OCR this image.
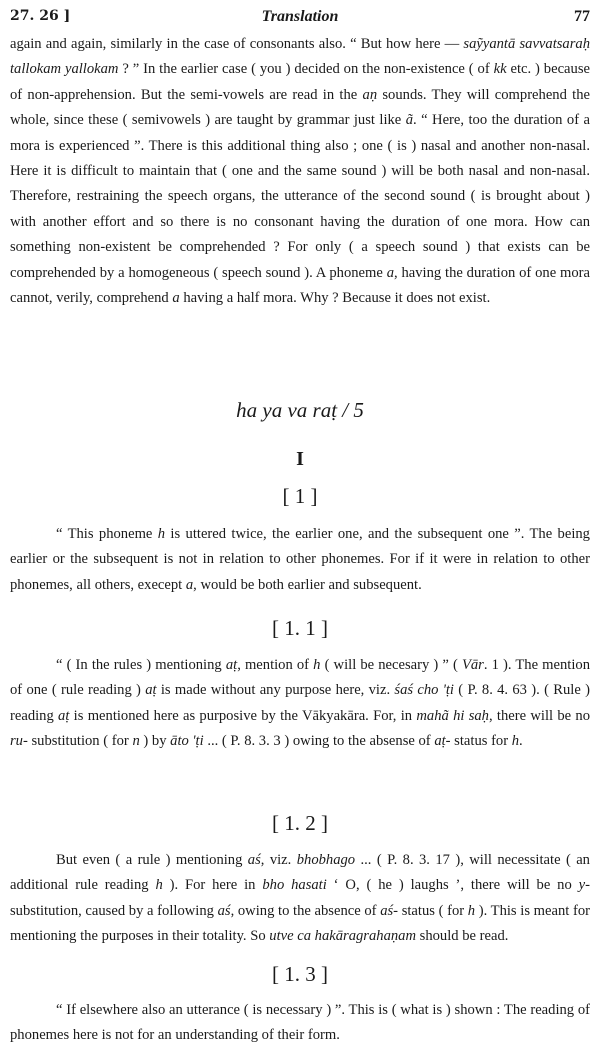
27. 26 ]	Translation	77
again and again, similarly in the case of consonants also. “ But how here — saỹyantā savvatsaraḥ tallokam yallokam ? ” In the earlier case ( you ) decided on the non-existence ( of kk etc. ) because of non-apprehension. But the semi-vowels are read in the aṇ sounds. They will comprehend the whole, since these ( semivowels ) are taught by grammar just like ã. “ Here, too the duration of a mora is experienced ”. There is this additional thing also ; one ( is ) nasal and another non-nasal. Here it is difficult to maintain that ( one and the same sound ) will be both nasal and non-nasal. Therefore, restraining the speech organs, the utterance of the second sound ( is brought about ) with another effort and so there is no consonant having the duration of one mora. How can something non-existent be comprehended ? For only ( a speech sound ) that exists can be comprehended by a homogeneous ( speech sound ). A phoneme a, having the duration of one mora cannot, verily, comprehend a having a half mora. Why ? Because it does not exist.
ha ya va raṭ / 5
I
[ 1 ]
“ This phoneme h is uttered twice, the earlier one, and the subsequent one ”. The being earlier or the subsequent is not in relation to other phonemes. For if it were in relation to other phonemes, all others, execept a, would be both earlier and subsequent.
[ 1. 1 ]
“ ( In the rules ) mentioning aṭ, mention of h ( will be necesary ) ” ( Vār. 1 ). The mention of one ( rule reading ) aṭ is made without any purpose here, viz. śaś cho 'ṭi ( P. 8. 4. 63 ). ( Rule ) reading aṭ is mentioned here as purposive by the Vākyakāra. For, in mahã hi saḥ, there will be no ru- substitution ( for n ) by āto 'ṭi ... ( P. 8. 3. 3 ) owing to the absense of aṭ- status for h.
[ 1. 2 ]
But even ( a rule ) mentioning aś, viz. bhobhago ... ( P. 8. 3. 17 ), will necessitate ( an additional rule reading h ). For here in bho hasati ‘ O, ( he ) laughs ’, there will be no y-substitution, caused by a following aś, owing to the absence of aś- status ( for h ). This is meant for mentioning the purposes in their totality. So utve ca hakāragrahaṇam should be read.
[ 1. 3 ]
“ If elsewhere also an utterance ( is necessary ) ”. This is ( what is ) shown : The reading of phonemes here is not for an understanding of their form.
